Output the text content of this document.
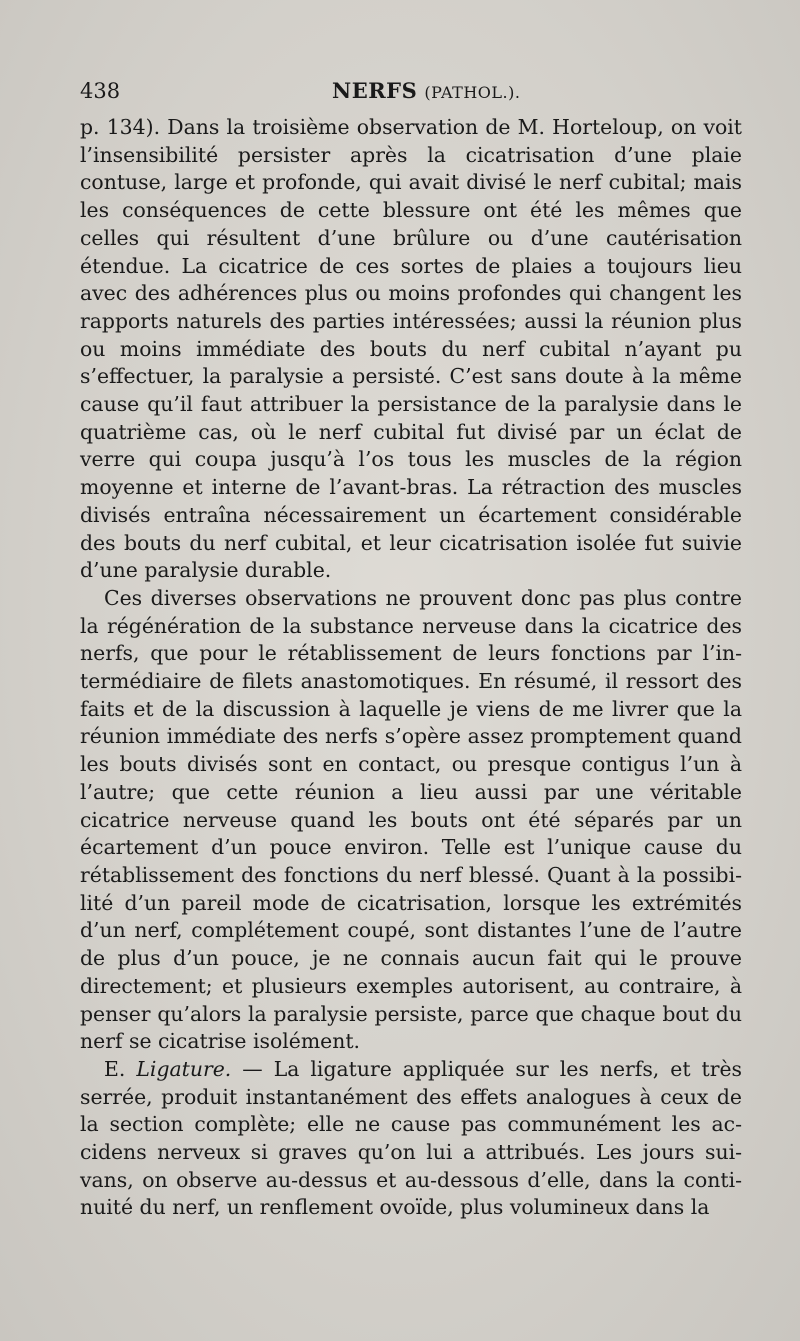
438	NERFS (PATHOL.).

p. 134). Dans la troisième observation de M. Horteloup, on voit l’insensibilité persister après la cicatrisation d’une plaie contuse, large et profonde, qui avait divisé le nerf cubital; mais les conséquences de cette blessure ont été les mêmes que celles qui résultent d’une brûlure ou d’une cautérisation étendue. La cicatrice de ces sortes de plaies a toujours lieu avec des adhérences plus ou moins profondes qui changent les rapports naturels des parties intéressées; aussi la réunion plus ou moins immédiate des bouts du nerf cubital n’ayant pu s’effectuer, la paralysie a persisté. C’est sans doute à la même cause qu’il faut attribuer la persistance de la paralysie dans le quatrième cas, où le nerf cubital fut divisé par un éclat de verre qui coupa jusqu’à l’os tous les muscles de la région moyenne et interne de l’avant-bras. La rétraction des muscles divisés entraîna nécessairement un écartement considérable des bouts du nerf cubital, et leur cicatrisation isolée fut suivie d’une paralysie durable.

Ces diverses observations ne prouvent donc pas plus contre la régénération de la substance nerveuse dans la cicatrice des nerfs, que pour le rétablissement de leurs fonctions par l’intermédiaire de filets anastomotiques. En résumé, il ressort des faits et de la discussion à laquelle je viens de me livrer que la réunion immédiate des nerfs s’opère assez promptement quand les bouts divisés sont en contact, ou presque contigus l’un à l’autre; que cette réunion a lieu aussi par une véritable cicatrice nerveuse quand les bouts ont été séparés par un écartement d’un pouce environ. Telle est l’unique cause du rétablissement des fonctions du nerf blessé. Quant à la possibilité d’un pareil mode de cicatrisation, lorsque les extrémités d’un nerf, complétement coupé, sont distantes l’une de l’autre de plus d’un pouce, je ne connais aucun fait qui le prouve directement; et plusieurs exemples autorisent, au contraire, à penser qu’alors la paralysie persiste, parce que chaque bout du nerf se cicatrise isolément.

E. Ligature. — La ligature appliquée sur les nerfs, et très serrée, produit instantanément des effets analogues à ceux de la section complète; elle ne cause pas communément les accidens nerveux si graves qu’on lui a attribués. Les jours suivans, on observe au-dessus et au-dessous d’elle, dans la continuité du nerf, un renflement ovoïde, plus volumineux dans la
